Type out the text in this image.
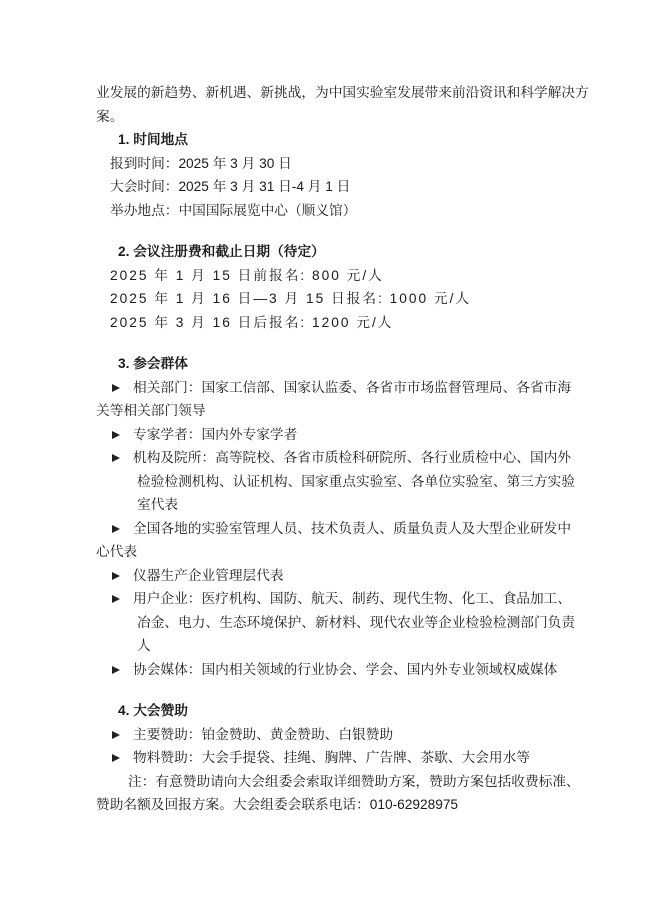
业发展的新趋势、新机遇、新挑战，为中国实验室发展带来前沿资讯和科学解决方
案。
1. 时间地点
报到时间：2025 年 3 月 30 日
大会时间：2025 年 3 月 31 日-4 月 1 日
举办地点：中国国际展览中心（顺义馆）
2. 会议注册费和截止日期（待定）
2025 年 1 月 15 日前报名: 800 元/人
2025 年 1 月 16 日—3 月 15 日报名: 1000 元/人
2025 年 3 月 16 日后报名: 1200 元/人
3. 参会群体
相关部门：国家工信部、国家认监委、各省市市场监督管理局、各省市海
关等相关部门领导
专家学者：国内外专家学者
机构及院所：高等院校、各省市质检科研院所、各行业质检中心、国内外
检验检测机构、认证机构、国家重点实验室、各单位实验室、第三方实验
室代表
全国各地的实验室管理人员、技术负责人、质量负责人及大型企业研发中
心代表
仪器生产企业管理层代表
用户企业：医疗机构、国防、航天、制药、现代生物、化工、食品加工、
冶金、电力、生态环境保护、新材料、现代农业等企业检验检测部门负责
人
协会媒体：国内相关领域的行业协会、学会、国内外专业领域权威媒体
4. 大会赞助
主要赞助：铂金赞助、黄金赞助、白银赞助
物料赞助：大会手提袋、挂绳、胸牌、广告牌、茶歇、大会用水等
注：有意赞助请向大会组委会索取详细赞助方案，赞助方案包括收费标准、
赞助名额及回报方案。大会组委会联系电话：010-62928975
